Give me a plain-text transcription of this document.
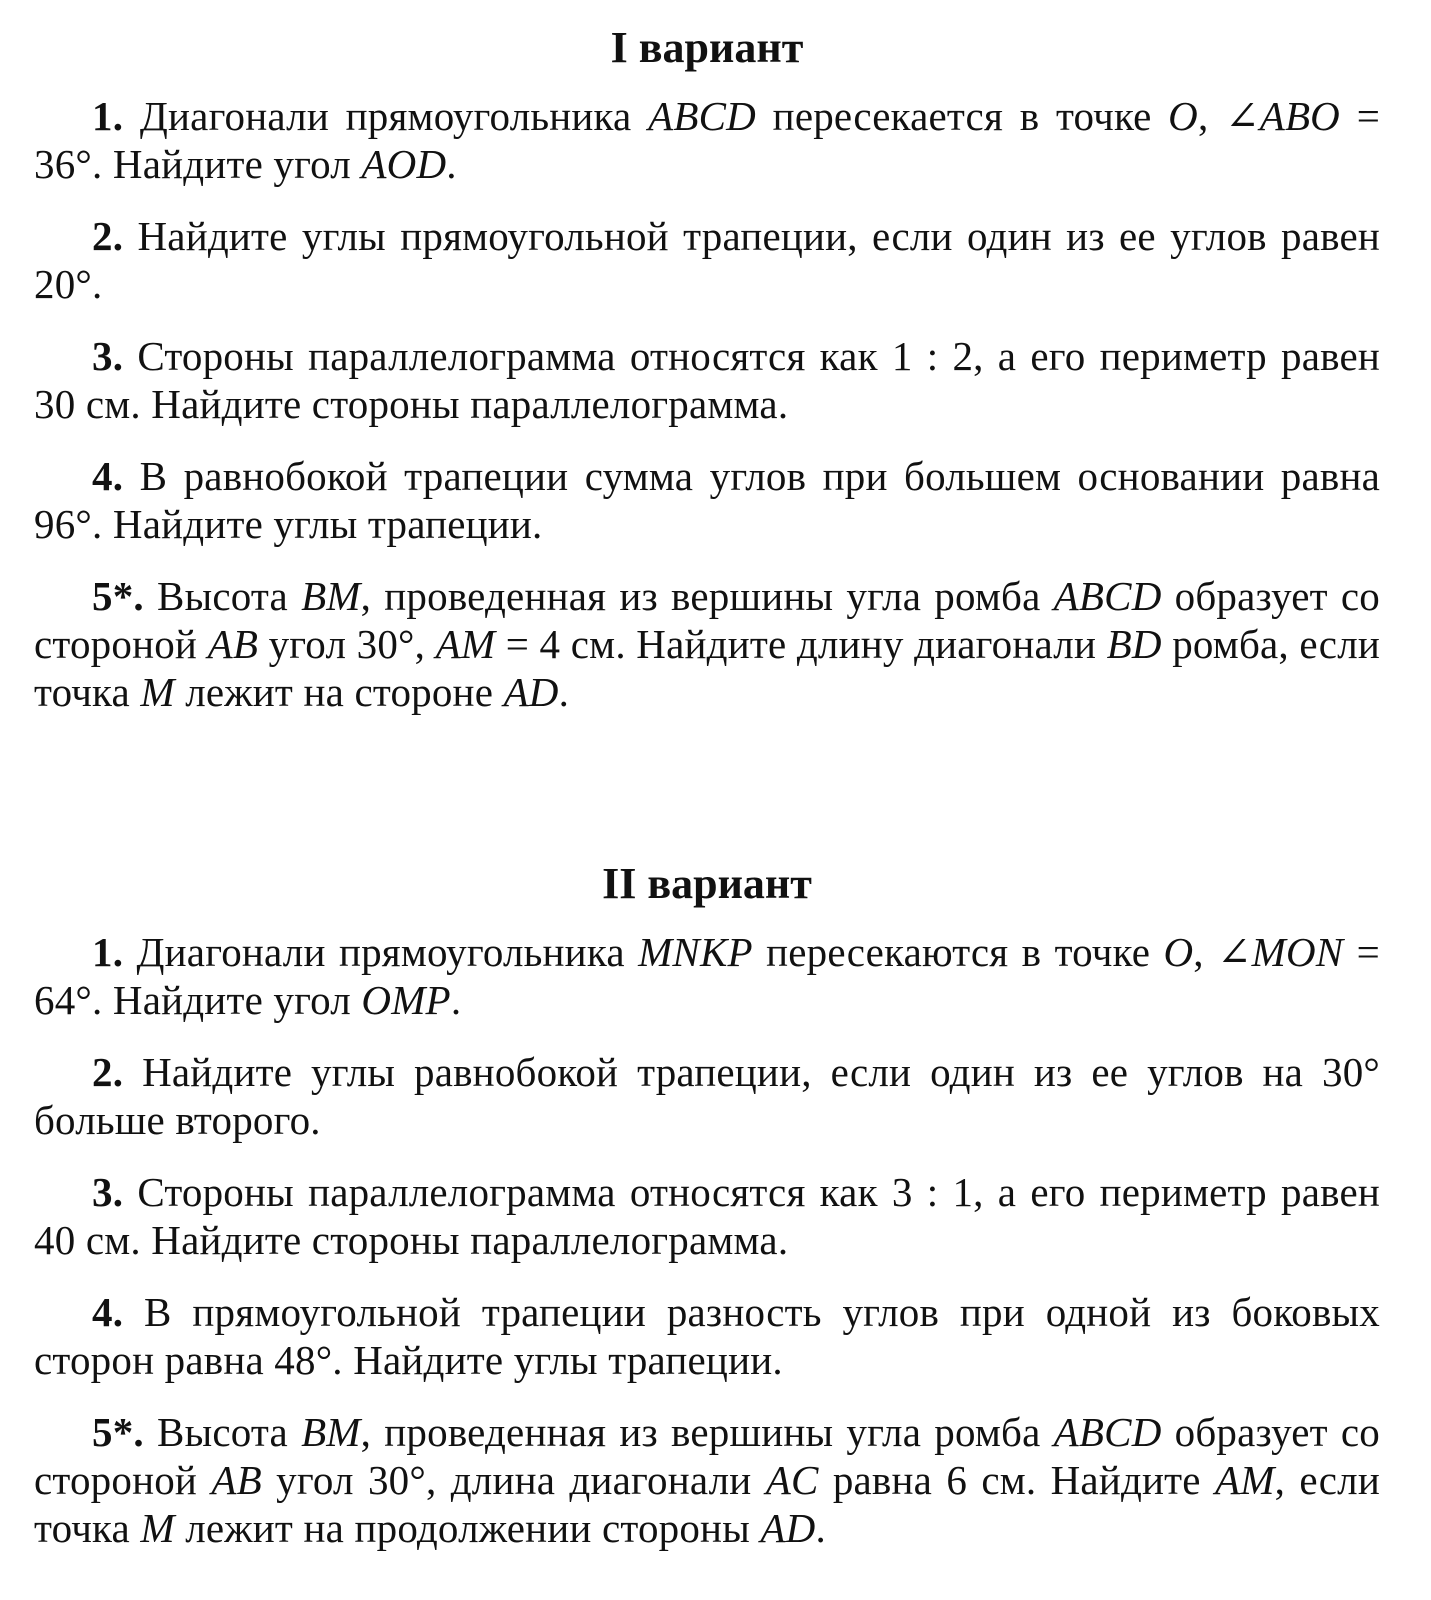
I вариант

1. Диагонали прямоугольника ABCD пересекается в точке O, ∠ABO = 36°. Найдите угол AOD.

2. Найдите углы прямоугольной трапеции, если один из ее углов равен 20°.

3. Стороны параллелограмма относятся как 1 : 2, а его периметр равен 30 см. Найдите стороны параллелограмма.

4. В равнобокой трапеции сумма углов при большем основании равна 96°. Найдите углы трапеции.

5*. Высота BM, проведенная из вершины угла ромба ABCD образует со стороной AB угол 30°, AM = 4 см. Найдите длину диагонали BD ромба, если точка M лежит на стороне AD.

II вариант

1. Диагонали прямоугольника MNKP пересекаются в точке O, ∠MON = 64°. Найдите угол OMP.

2. Найдите углы равнобокой трапеции, если один из ее углов на 30° больше второго.

3. Стороны параллелограмма относятся как 3 : 1, а его периметр равен 40 см. Найдите стороны параллелограмма.

4. В прямоугольной трапеции разность углов при одной из боковых сторон равна 48°. Найдите углы трапеции.

5*. Высота BM, проведенная из вершины угла ромба ABCD образует со стороной AB угол 30°, длина диагонали AC равна 6 см. Найдите AM, если точка M лежит на продолжении стороны AD.
